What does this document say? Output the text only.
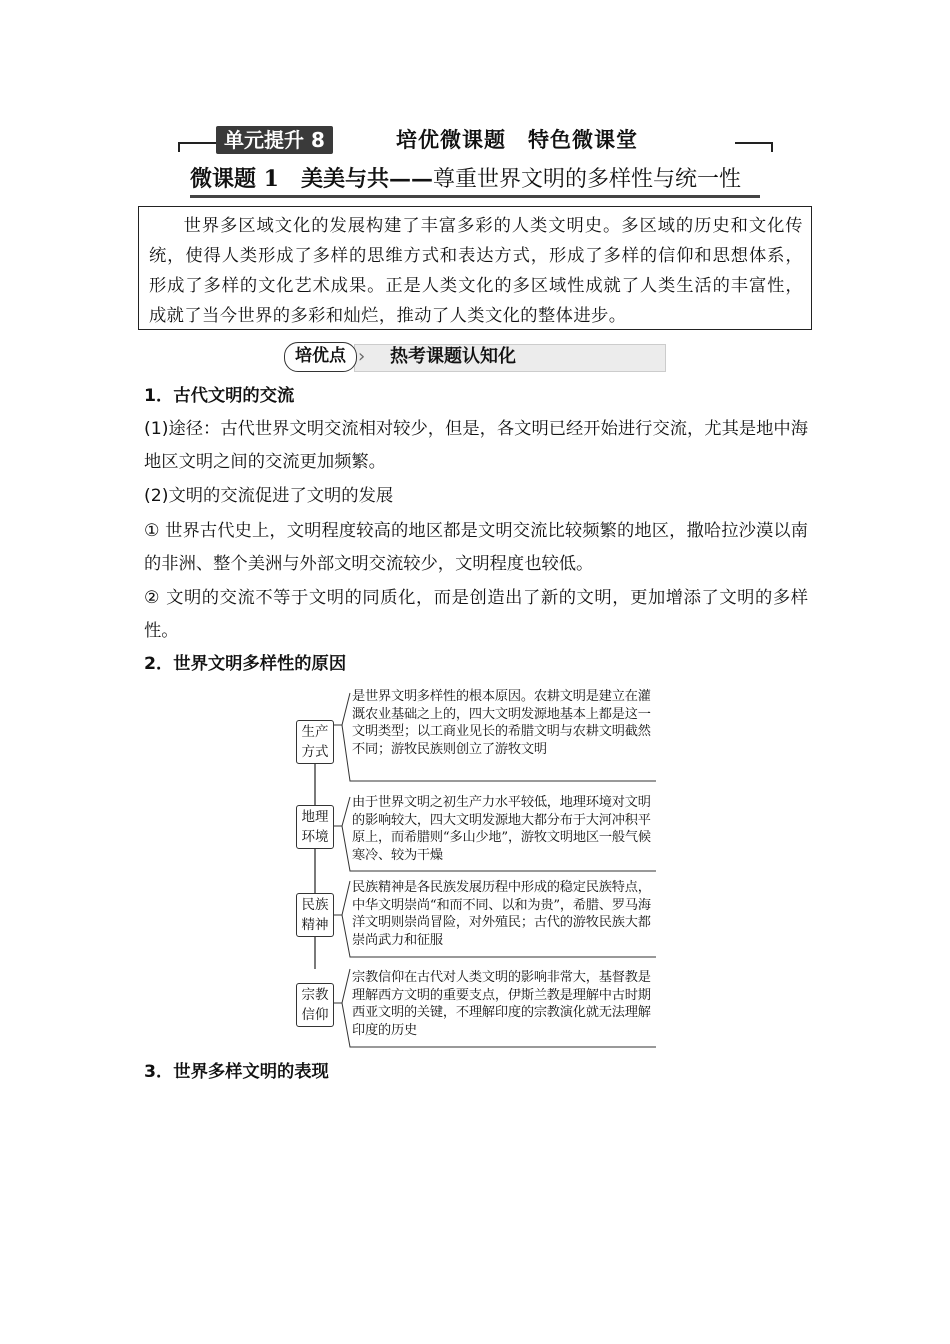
单元提升 8	培优微课题 特色微课堂
微课题 1　美美与共——尊重世界文明的多样性与统一性
世界多区域文化的发展构建了丰富多彩的人类文明史。多区域的历史和文化传统，使得人类形成了多样的思维方式和表达方式，形成了多样的信仰和思想体系，形成了多样的文化艺术成果。正是人类文化的多区域性成就了人类生活的丰富性，成就了当今世界的多彩和灿烂，推动了人类文化的整体进步。
培优点 › 热考课题认知化
1．古代文明的交流
(1)途径：古代世界文明交流相对较少，但是，各文明已经开始进行交流，尤其是地中海地区文明之间的交流更加频繁。
(2)文明的交流促进了文明的发展
① 世界古代史上，文明程度较高的地区都是文明交流比较频繁的地区，撒哈拉沙漠以南的非洲、整个美洲与外部文明交流较少，文明程度也较低。
② 文明的交流不等于文明的同质化，而是创造出了新的文明，更加增添了文明的多样性。
2．世界文明多样性的原因
生产
方式
是世界文明多样性的根本原因。农耕文明是建立在灌溉农业基础之上的，四大文明发源地基本上都是这一文明类型；以工商业见长的希腊文明与农耕文明截然不同；游牧民族则创立了游牧文明
地理
环境
由于世界文明之初生产力水平较低，地理环境对文明的影响较大，四大文明发源地大都分布于大河冲积平原上，而希腊则“多山少地”，游牧文明地区一般气候寒冷、较为干燥
民族
精神
民族精神是各民族发展历程中形成的稳定民族特点，中华文明崇尚“和而不同、以和为贵”，希腊、罗马海洋文明则崇尚冒险，对外殖民；古代的游牧民族大都崇尚武力和征服
宗教
信仰
宗教信仰在古代对人类文明的影响非常大，基督教是理解西方文明的重要支点，伊斯兰教是理解中古时期西亚文明的关键，不理解印度的宗教演化就无法理解印度的历史
3．世界多样文明的表现
